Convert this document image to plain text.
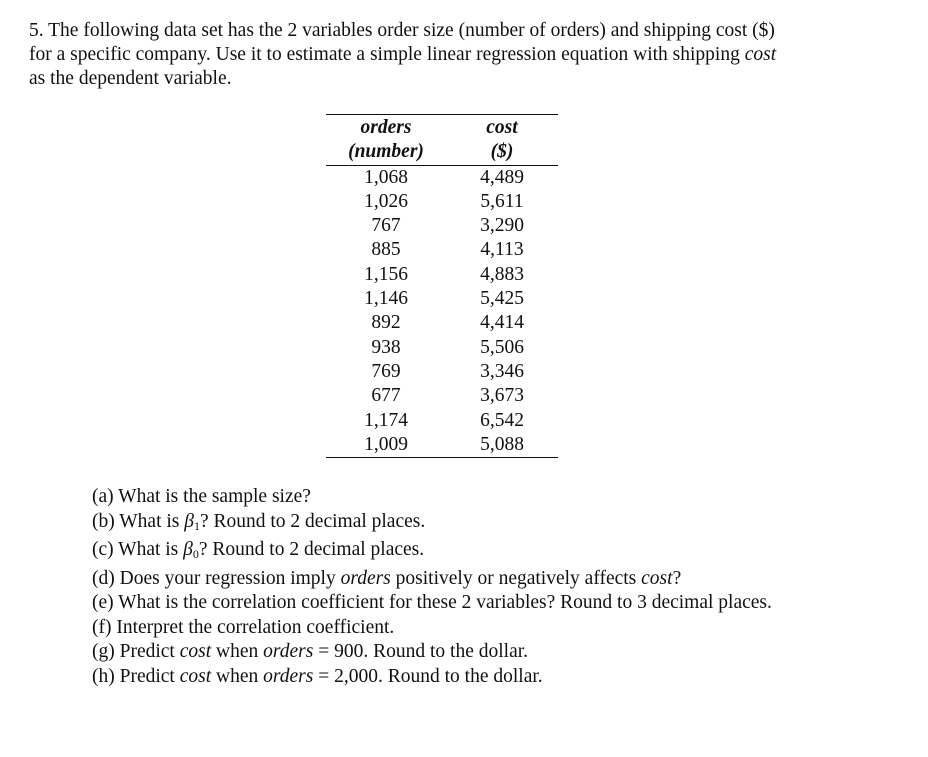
5. The following data set has the 2 variables order size (number of orders) and shipping cost ($)

for a specific company. Use it to estimate a simple linear regression equation with shipping cost

as the dependent variable.

orders	cost
(number)	($)
1,068	4,489
1,026	5,611
767	3,290
885	4,113
1,156	4,883
1,146	5,425
892	4,414
938	5,506
769	3,346
677	3,673
1,174	6,542
1,009	5,088
(a) What is the sample size?
(b) What is $\beta_1$? Round to 2 decimal places.
(c) What is $\beta_0$? Round to 2 decimal places.
(d) Does your regression imply orders positively or negatively affects cost?
(e) What is the correlation coefficient for these 2 variables? Round to 3 decimal places.
(f) Interpret the correlation coefficient.
(g) Predict cost when orders = 900. Round to the dollar.
(h) Predict cost when orders = 2,000. Round to the dollar.
